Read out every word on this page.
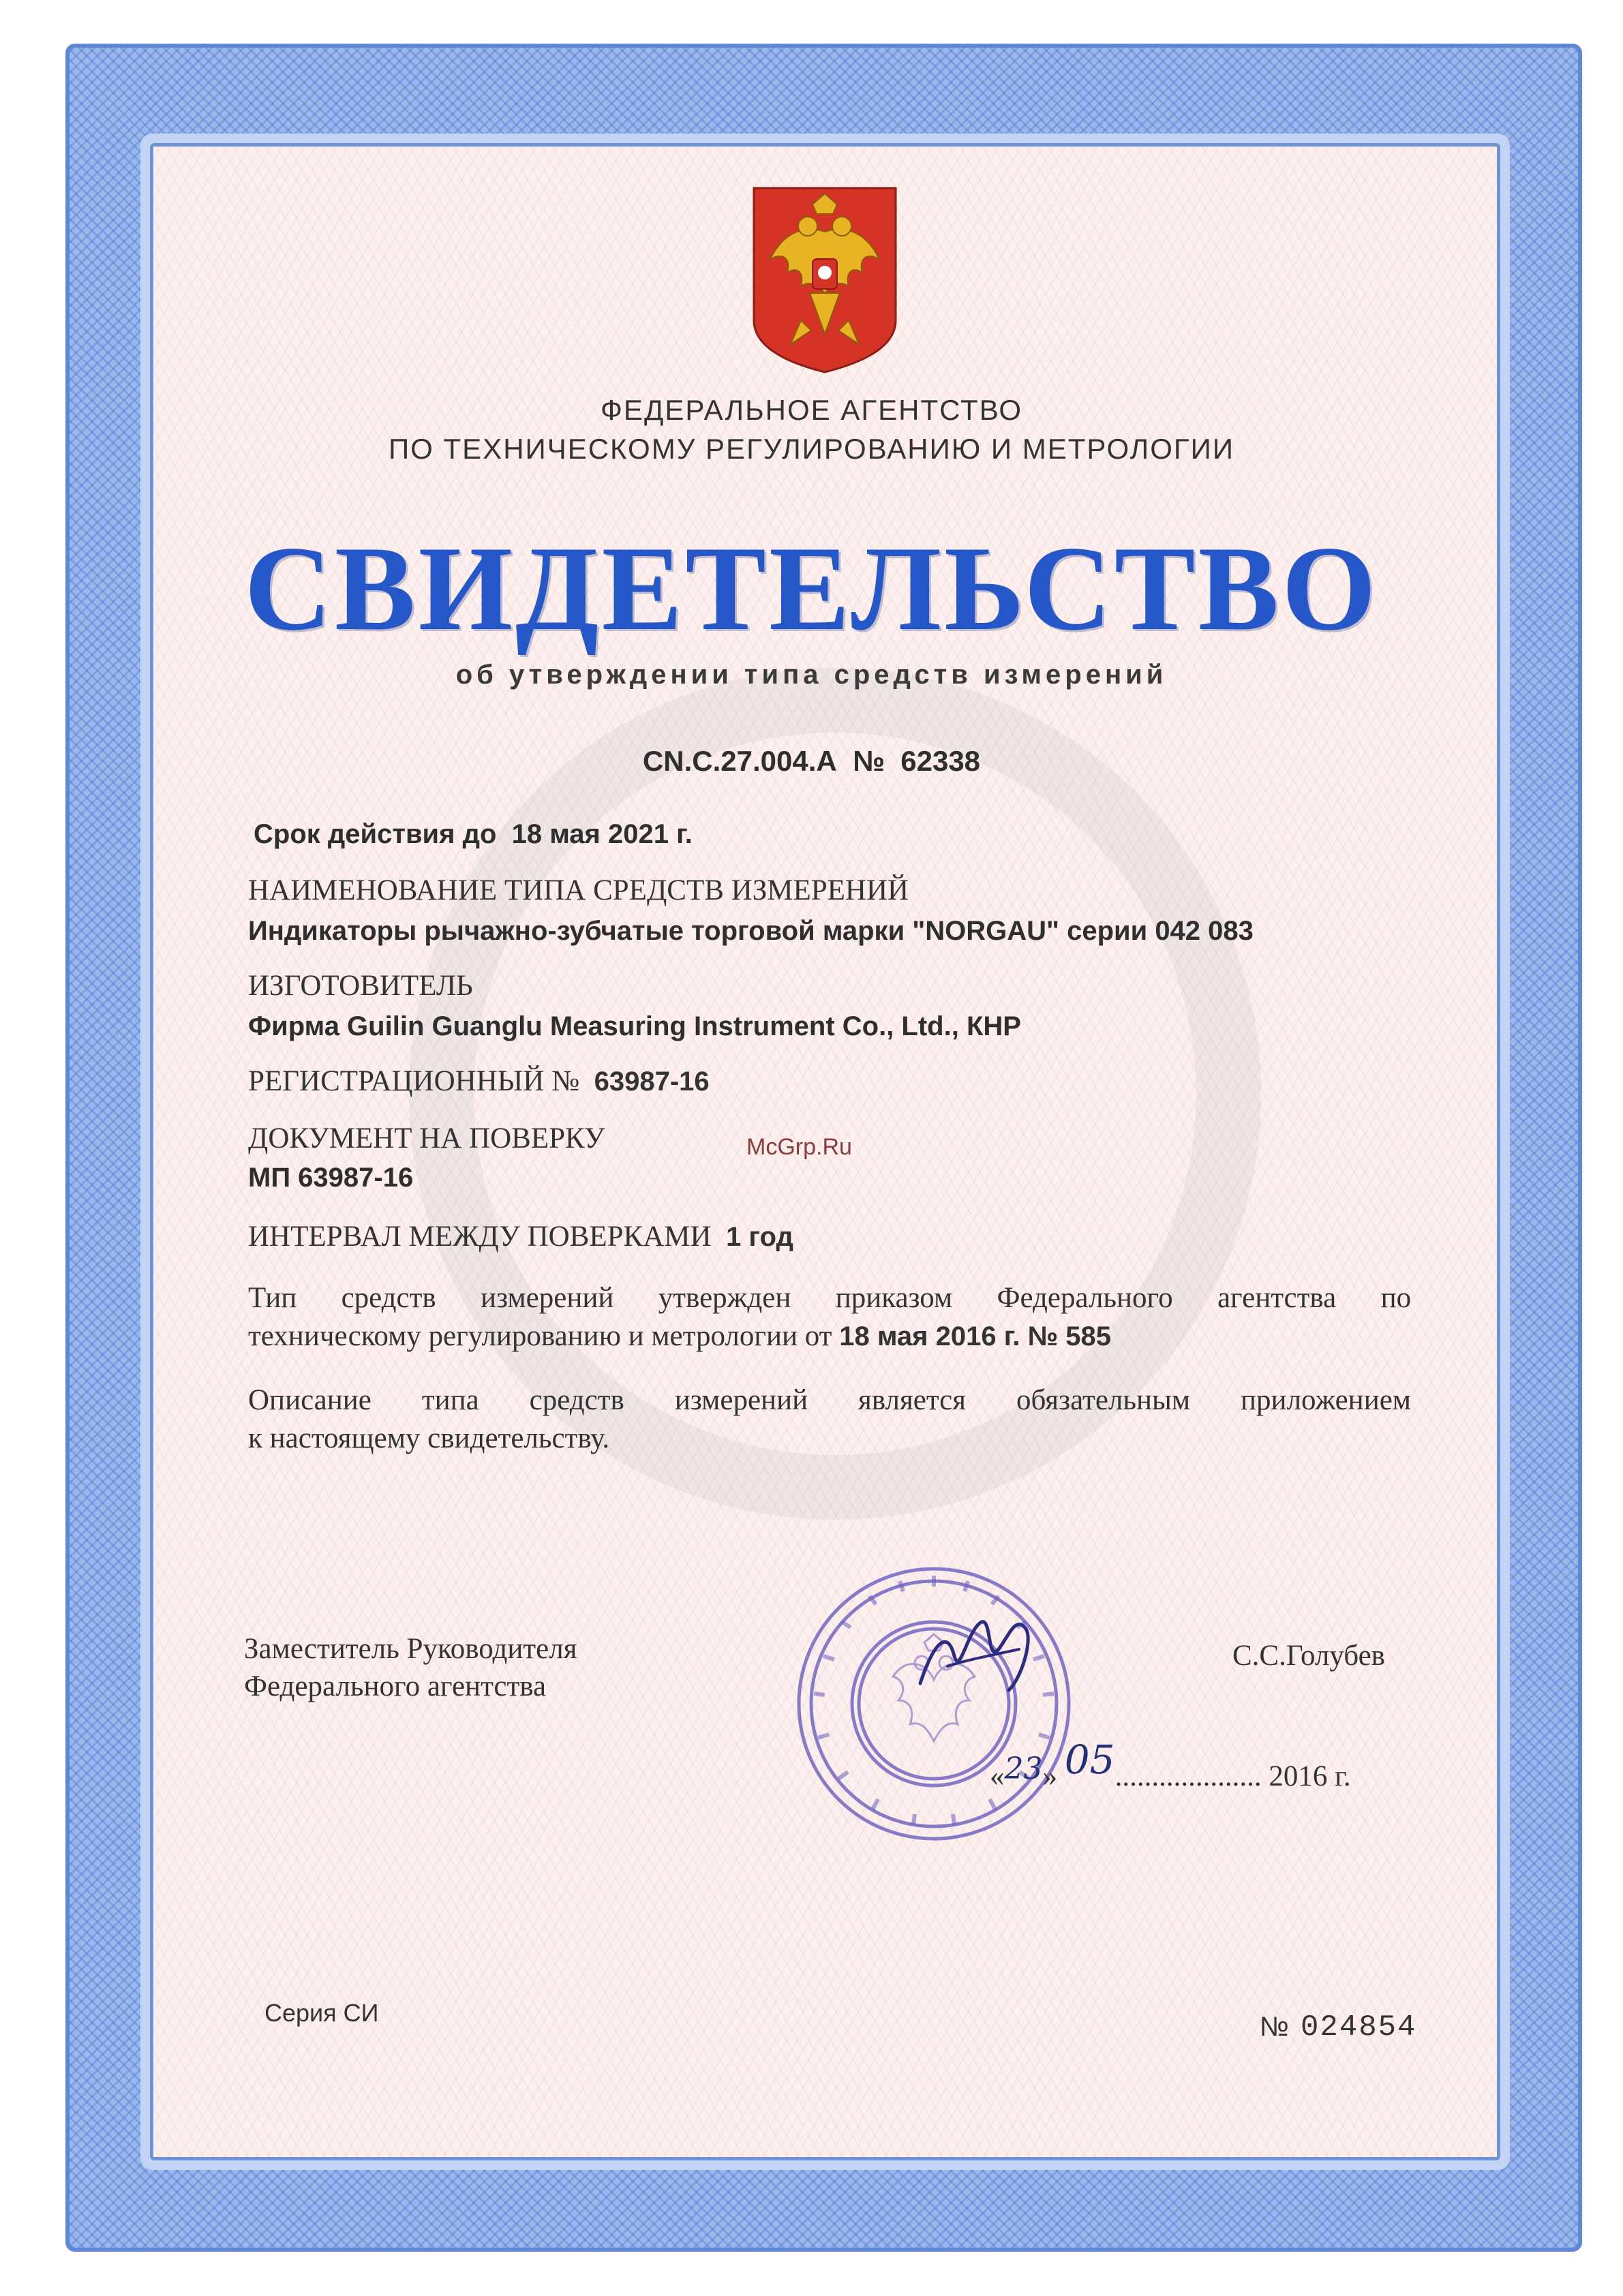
ФЕДЕРАЛЬНОЕ АГЕНТСТВО
ПО ТЕХНИЧЕСКОМУ РЕГУЛИРОВАНИЮ И МЕТРОЛОГИИ
СВИДЕТЕЛЬСТВО
об утверждении типа средств измерений
CN.C.27.004.A № 62338
Срок действия до 18 мая 2021 г.
НАИМЕНОВАНИЕ ТИПА СРЕДСТВ ИЗМЕРЕНИЙ
Индикаторы рычажно-зубчатые торговой марки "NORGAU" серии 042 083
ИЗГОТОВИТЕЛЬ
Фирма Guilin Guanglu Measuring Instrument Co., Ltd., КНР
РЕГИСТРАЦИОННЫЙ № 63987-16
ДОКУМЕНТ НА ПОВЕРКУ
МП 63987-16
McGrp.Ru
ИНТЕРВАЛ МЕЖДУ ПОВЕРКАМИ 1 год
Тип средств измерений утвержден приказом Федерального агентства по
техническому регулированию и метрологии от 18 мая 2016 г. № 585
Описание типа средств измерений является обязательным приложением
к настоящему свидетельству.
Заместитель Руководителя
Федерального агентства
С.С.Голубев
«23» 05.................... 2016 г.
Серия СИ	№ 024854
